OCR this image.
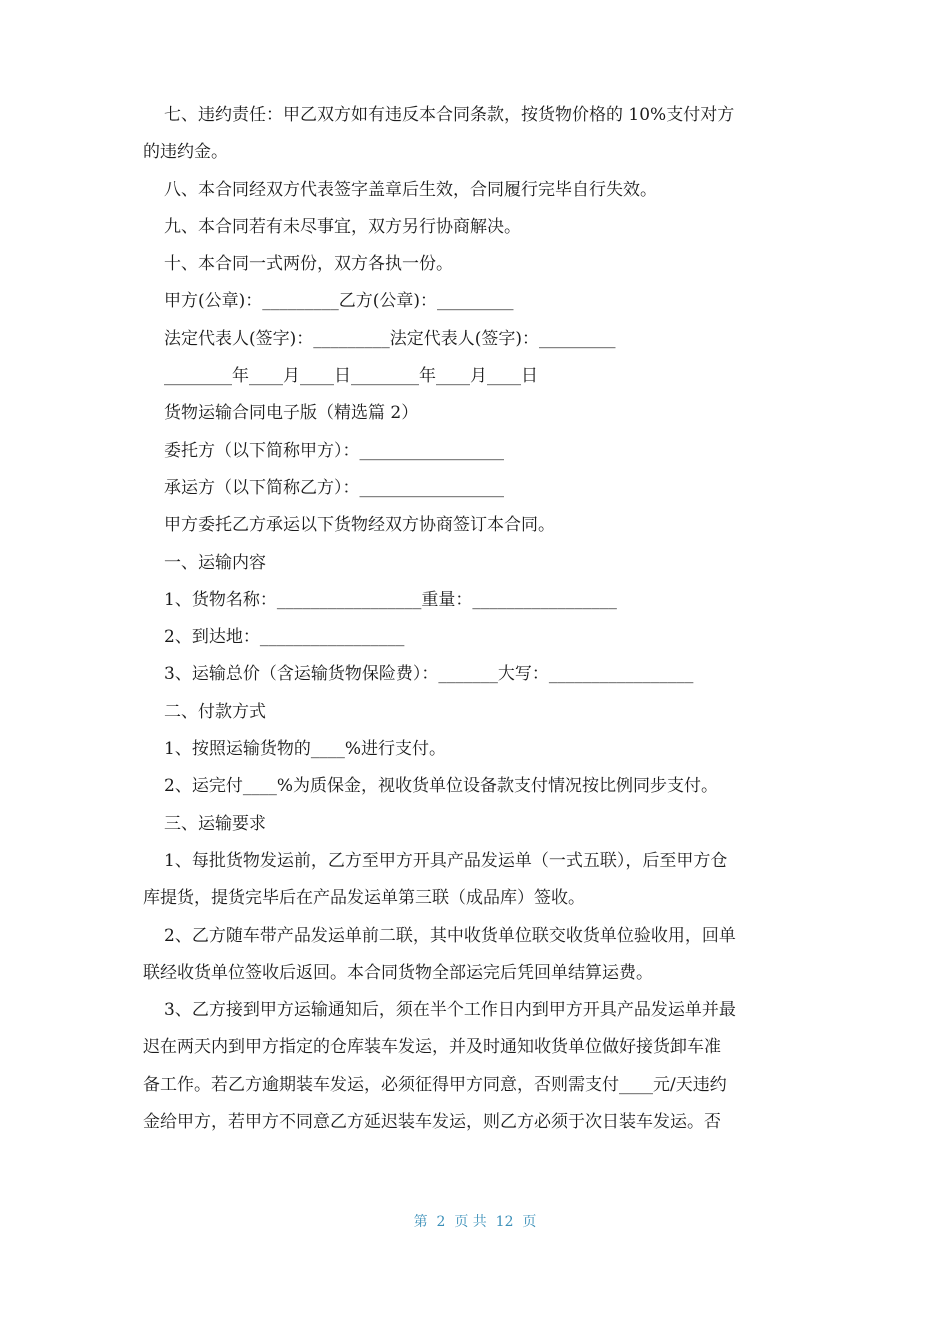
七、违约责任：甲乙双方如有违反本合同条款，按货物价格的 10%支付对方

的违约金。

八、本合同经双方代表签字盖章后生效，合同履行完毕自行失效。

九、本合同若有未尽事宜，双方另行协商解决。

十、本合同一式两份，双方各执一份。

甲方(公章)：_________乙方(公章)：_________

法定代表人(签字)：_________法定代表人(签字)：_________

________年____月____日________年____月____日

货物运输合同电子版（精选篇 2）

委托方（以下简称甲方）：_________________

承运方（以下简称乙方）：_________________

甲方委托乙方承运以下货物经双方协商签订本合同。

一、运输内容

1、货物名称：_________________重量：_________________

2、到达地：_________________

3、运输总价（含运输货物保险费）：_______大写：_________________

二、付款方式

1、按照运输货物的____%进行支付。

2、运完付____%为质保金，视收货单位设备款支付情况按比例同步支付。

三、运输要求

1、每批货物发运前，乙方至甲方开具产品发运单（一式五联），后至甲方仓

库提货，提货完毕后在产品发运单第三联（成品库）签收。

2、乙方随车带产品发运单前二联，其中收货单位联交收货单位验收用，回单

联经收货单位签收后返回。本合同货物全部运完后凭回单结算运费。

3、乙方接到甲方运输通知后，须在半个工作日内到甲方开具产品发运单并最

迟在两天内到甲方指定的仓库装车发运，并及时通知收货单位做好接货卸车准

备工作。若乙方逾期装车发运，必须征得甲方同意，否则需支付____元/天违约

金给甲方，若甲方不同意乙方延迟装车发运，则乙方必须于次日装车发运。否

第  2  页 共  12  页
